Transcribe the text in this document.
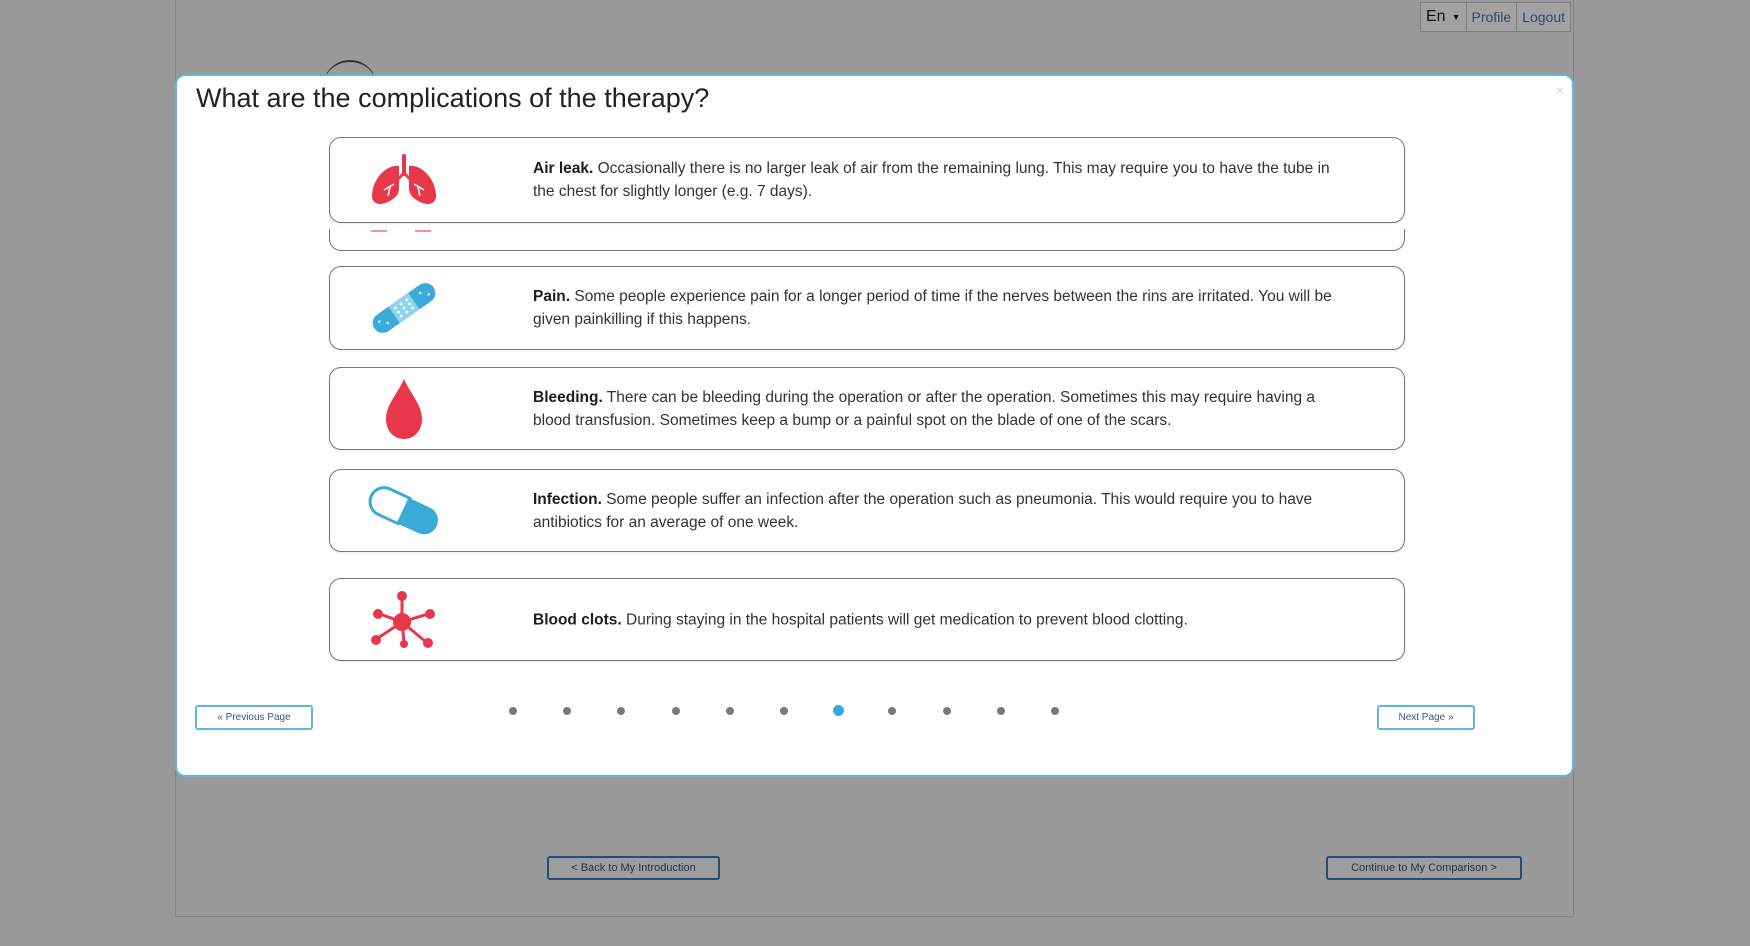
En ▼ Profile Logout
< Back to My Introduction	Continue to My Comparison >
What are the complications of the therapy?	×
Air leak. Occasionally there is no larger leak of air from the remaining lung. This may require you to have the tube in the chest for slightly longer (e.g. 7 days).
Pain. Some people experience pain for a longer period of time if the nerves between the rins are irritated. You will be given painkilling if this happens.
Bleeding. There can be bleeding during the operation or after the operation. Sometimes this may require having a blood transfusion. Sometimes keep a bump or a painful spot on the blade of one of the scars.
Infection. Some people suffer an infection after the operation such as pneumonia. This would require you to have antibiotics for an average of one week.
Blood clots. During staying in the hospital patients will get medication to prevent blood clotting.
« Previous Page	Next Page »
